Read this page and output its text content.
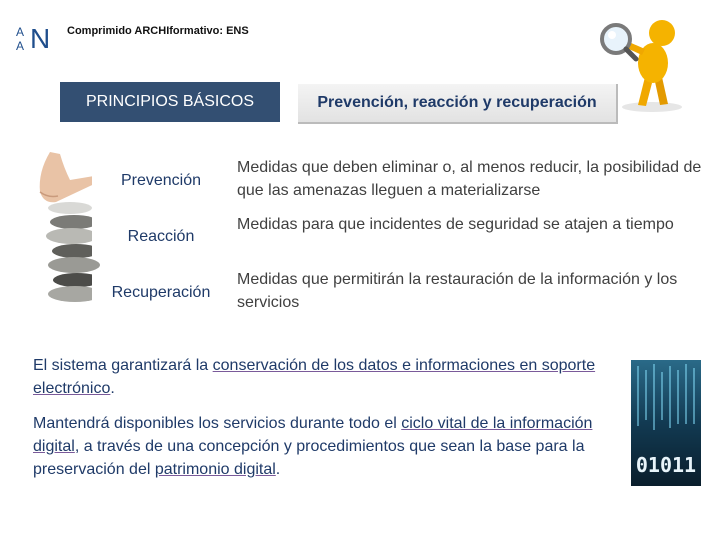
A
A N Comprimido ARCHIformativo: ENS
PRINCIPIOS BÁSICOS	Prevención, reacción y recuperación
Prevención
Medidas que deben eliminar o, al menos reducir, la posibilidad de que las amenazas lleguen a materializarse
Reacción
Medidas para que incidentes de seguridad se atajen a tiempo
Recuperación
Medidas que permitirán la restauración de la información y los servicios
El sistema garantizará la conservación de los datos e informaciones en soporte electrónico.
Mantendrá disponibles los servicios durante todo el ciclo vital de la información digital, a través de una concepción y procedimientos que sean la base para la preservación del patrimonio digital.	01011
